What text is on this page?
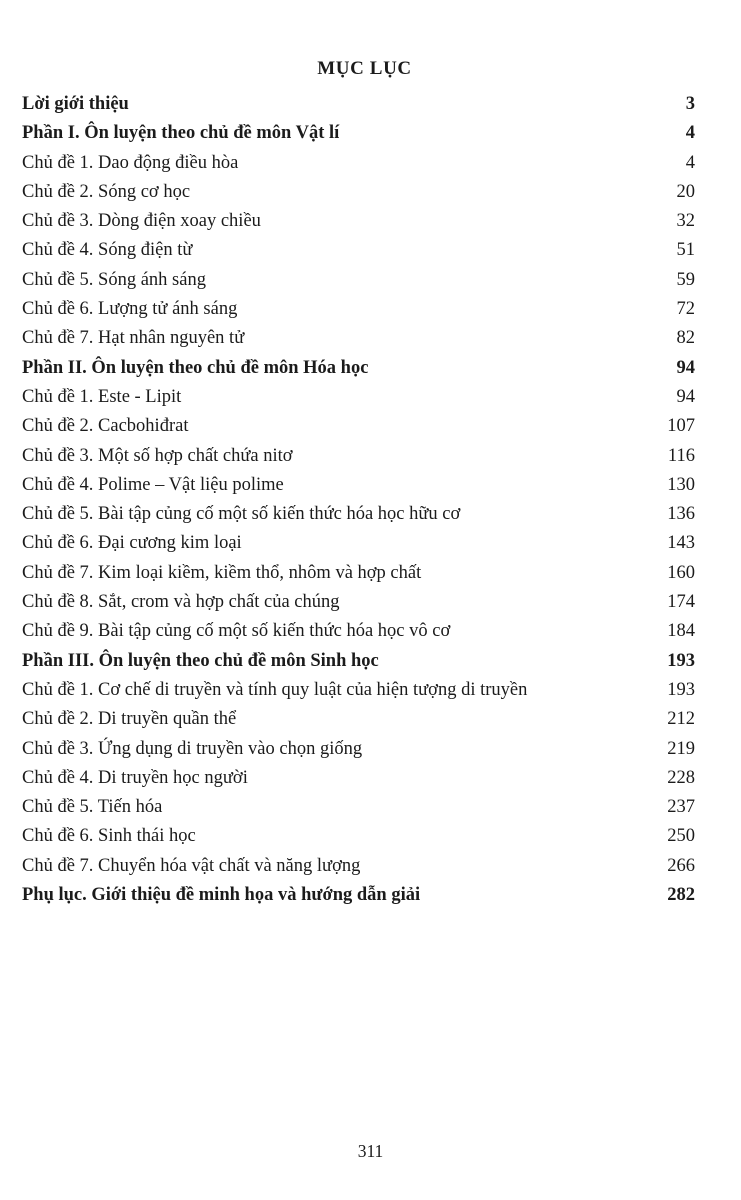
MỤC LỤC
Lời giới thiệu	3
Phần I. Ôn luyện theo chủ đề môn Vật lí	4
Chủ đề 1. Dao động điều hòa	4
Chủ đề 2. Sóng cơ học	20
Chủ đề 3. Dòng điện xoay chiều	32
Chủ đề 4. Sóng điện từ	51
Chủ đề 5. Sóng ánh sáng	59
Chủ đề 6. Lượng tử ánh sáng	72
Chủ đề 7. Hạt nhân nguyên tử	82
Phần II. Ôn luyện theo chủ đề môn Hóa học	94
Chủ đề 1. Este - Lipit	94
Chủ đề 2. Cacbohiđrat	107
Chủ đề 3. Một số hợp chất chứa nitơ	116
Chủ đề 4. Polime – Vật liệu polime	130
Chủ đề 5. Bài tập củng cố một số kiến thức hóa học hữu cơ	136
Chủ đề 6. Đại cương kim loại	143
Chủ đề 7. Kim loại kiềm, kiềm thổ, nhôm và hợp chất	160
Chủ đề 8. Sắt, crom và hợp chất của chúng	174
Chủ đề 9. Bài tập củng cố một số kiến thức hóa học vô cơ	184
Phần III. Ôn luyện theo chủ đề môn Sinh học	193
Chủ đề 1. Cơ chế di truyền và tính quy luật của hiện tượng di truyền	193
Chủ đề 2. Di truyền quần thể	212
Chủ đề 3. Ứng dụng di truyền vào chọn giống	219
Chủ đề 4. Di truyền học người	228
Chủ đề 5. Tiến hóa	237
Chủ đề 6. Sinh thái học	250
Chủ đề 7. Chuyển hóa vật chất và năng lượng	266
Phụ lục. Giới thiệu đề minh họa và hướng dẫn giải	282
311
